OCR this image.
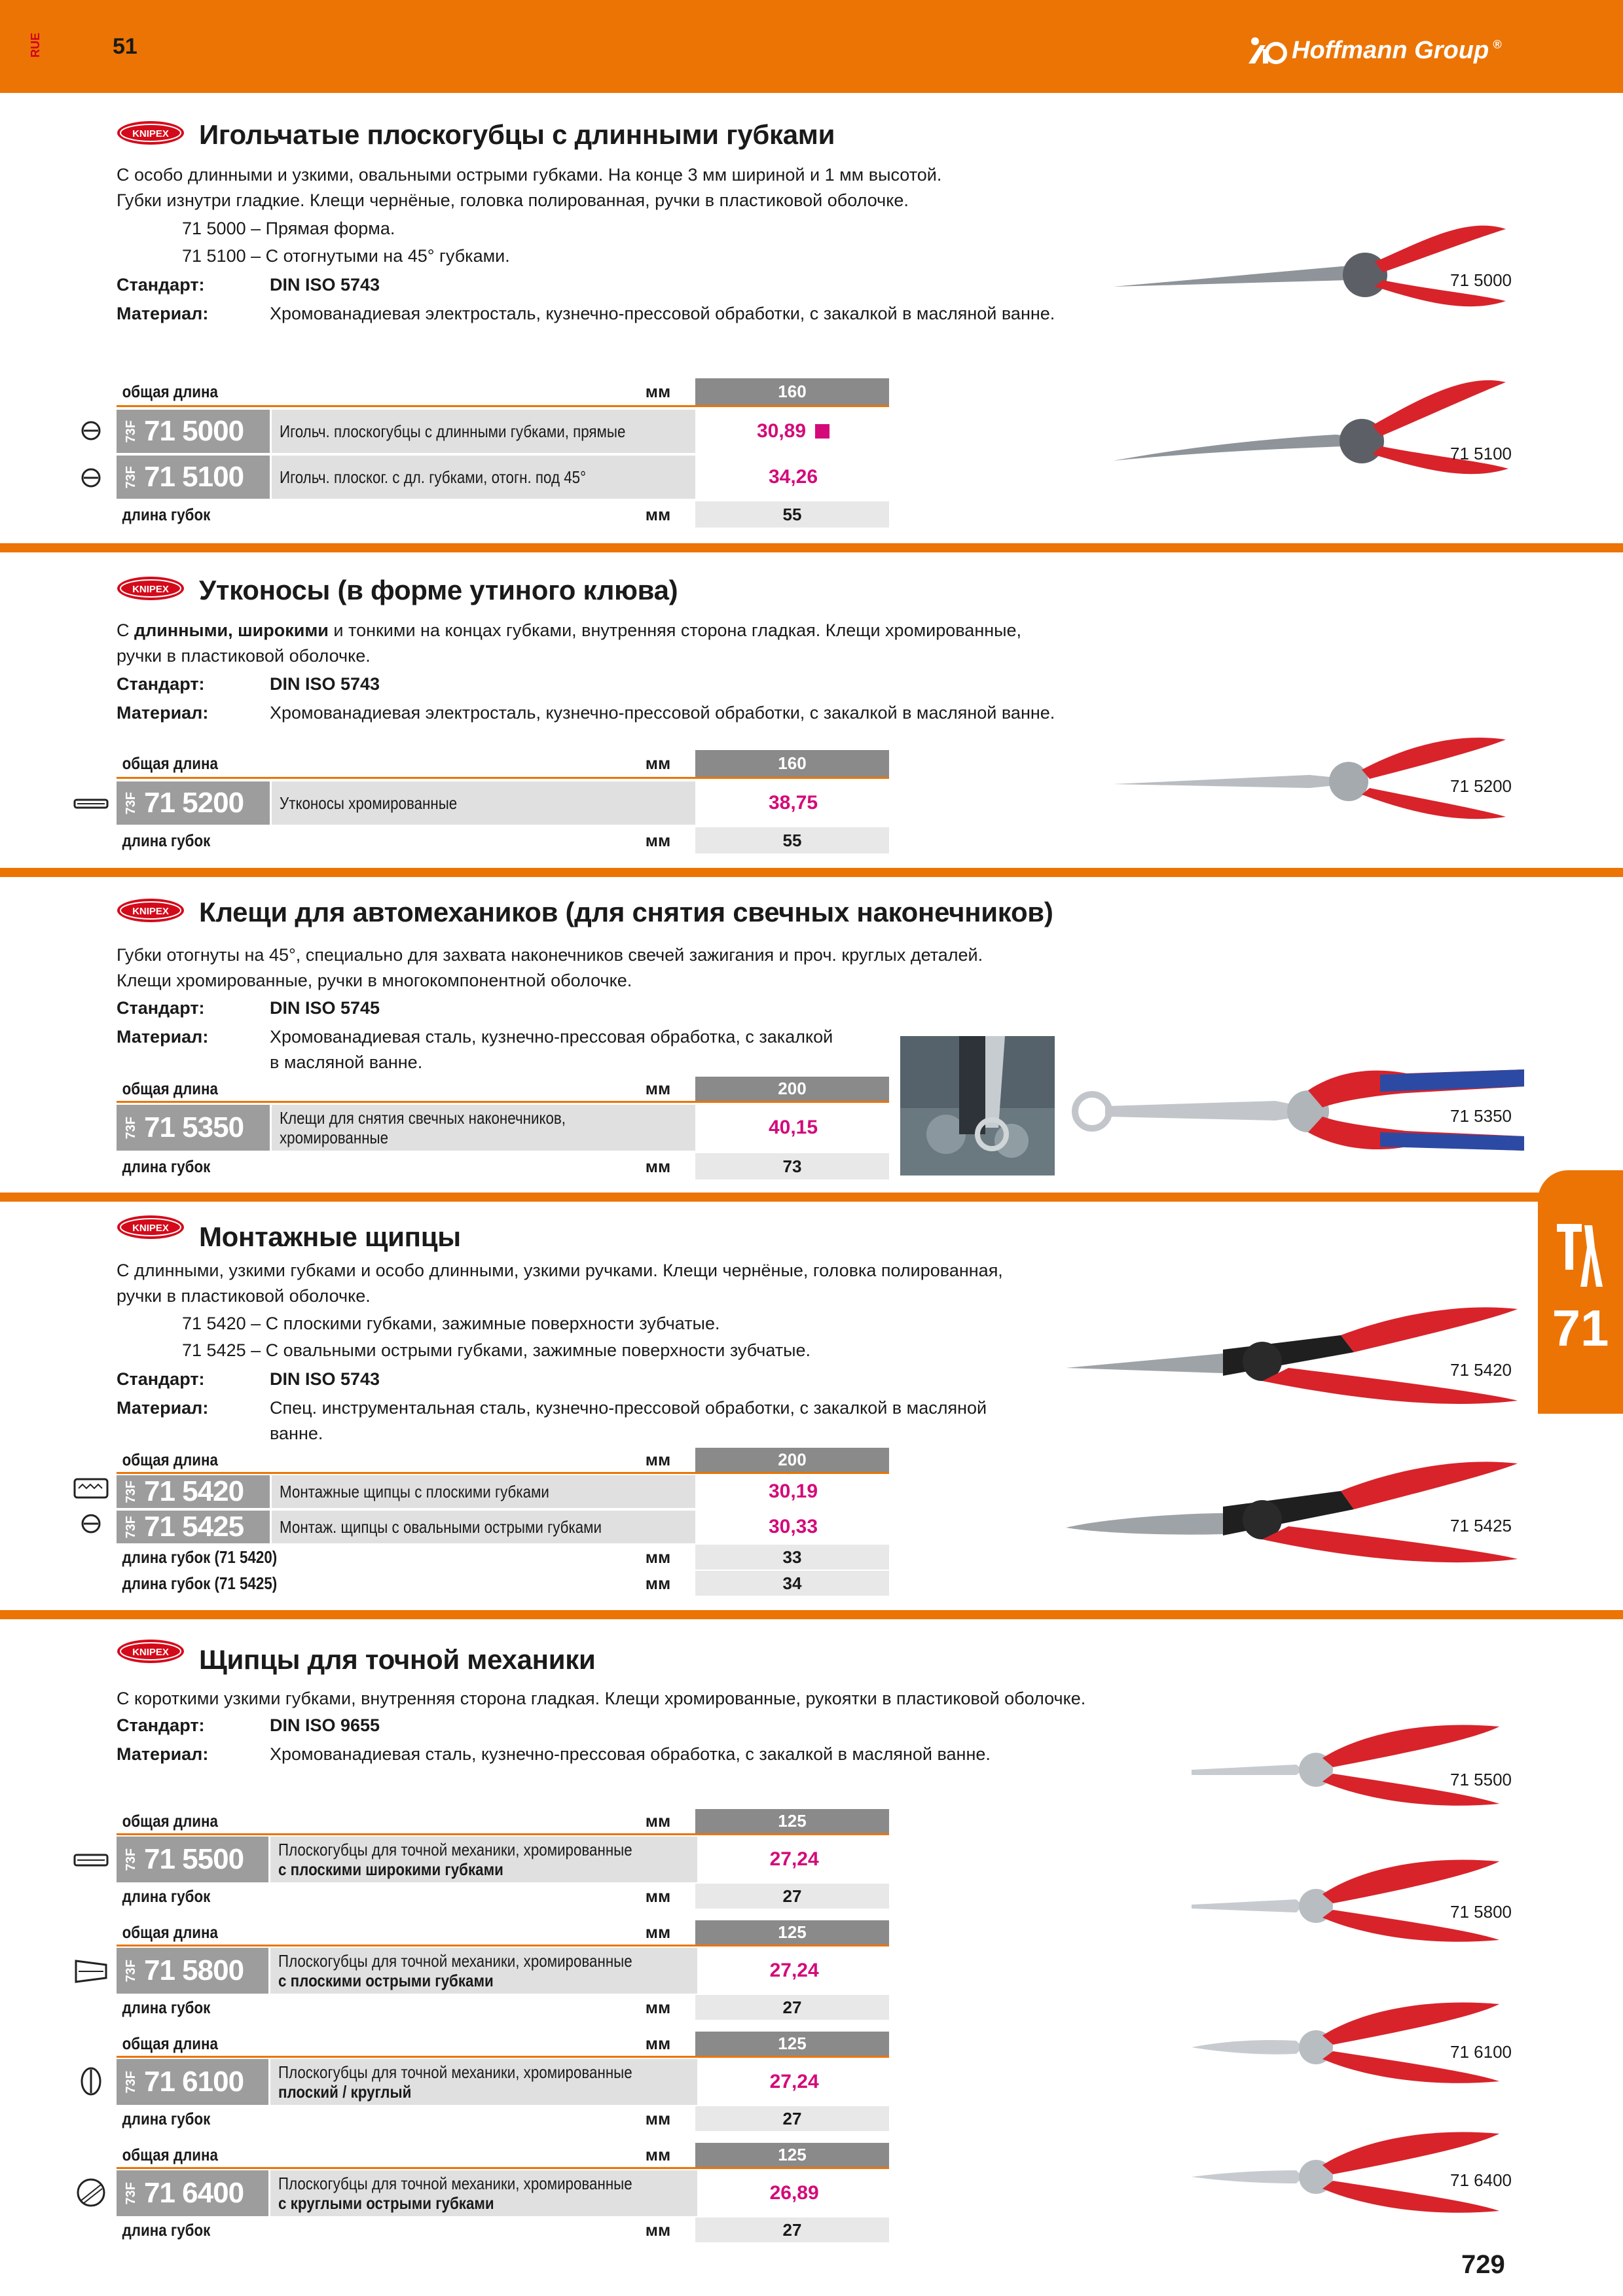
RUE	51	Hoffmann Group ®
71
KNIPEX Игольчатые плоскогубцы с длинными губками
С особо длинными и узкими, овальными острыми губками. На конце 3 мм шириной и 1 мм высотой.
Губки изнутри гладкие. Клещи чернёные, головка полированная, ручки в пластиковой оболочке.
71 5000 – Прямая форма.
71 5100 – С отогнутыми на 45° губками.
Стандарт:	DIN ISO 5743
Материал:	Хромованадиевая электросталь, кузнечно-прессовой обработки, с закалкой в масляной ванне.
общая длина	мм	160
73F 71 5000 Игольч. плоскогубцы с длинными губками, прямые	30,89
73F 71 5100 Игольч. плоског. с дл. губками, отогн. под 45°	34,26
длина губок	мм	55
71 5000
71 5100
KNIPEX Утконосы (в форме утиного клюва)
С длинными, широкими и тонкими на концах губками, внутренняя сторона гладкая. Клещи хромированные,
ручки в пластиковой оболочке.
Стандарт:	DIN ISO 5743
Материал:	Хромованадиевая электросталь, кузнечно-прессовой обработки, с закалкой в масляной ванне.
общая длина	мм	160
73F 71 5200 Утконосы хромированные	38,75
длина губок	мм	55
71 5200
KNIPEX Клещи для автомехаников (для снятия свечных наконечников)
Губки отогнуты на 45°, специально для захвата наконечников свечей зажигания и проч. круглых деталей.
Клещи хромированные, ручки в многокомпонентной оболочке.
Стандарт:	DIN ISO 5745
Материал:	Хромованадиевая сталь, кузнечно-прессовая обработка, с закалкой
в масляной ванне.
общая длина	мм	200
73F 71 5350 Клещи для снятия свечных наконечников,
хромированные	40,15
длина губок	мм	73
71 5350
KNIPEX Монтажные щипцы
С длинными, узкими губками и особо длинными, узкими ручками. Клещи чернёные, головка полированная,
ручки в пластиковой оболочке.
71 5420 – С плоскими губками, зажимные поверхности зубчатые.
71 5425 – С овальными острыми губками, зажимные поверхности зубчатые.
Стандарт:	DIN ISO 5743
Материал:	Спец. инструментальная сталь, кузнечно-прессовой обработки, с закалкой в масляной
ванне.
общая длина	мм	200
73F 71 5420 Монтажные щипцы с плоскими губками	30,19
73F 71 5425 Монтаж. щипцы с овальными острыми губками	30,33
длина губок (71 5420)	мм	33
длина губок (71 5425)	мм	34
71 5420
71 5425
KNIPEX Щипцы для точной механики
С короткими узкими губками, внутренняя сторона гладкая. Клещи хромированные, рукоятки в пластиковой оболочке.
Стандарт:	DIN ISO 9655
Материал:	Хромованадиевая сталь, кузнечно-прессовая обработка, с закалкой в масляной ванне.
общая длина	мм	125
73F 71 5500 Плоскогубцы для точной механики, хромированные
с плоскими широкими губками	27,24
длина губок	мм	27
общая длина	мм	125
73F 71 5800 Плоскогубцы для точной механики, хромированные
с плоскими острыми губками	27,24
длина губок	мм	27
общая длина	мм	125
73F 71 6100 Плоскогубцы для точной механики, хромированные
плоский / круглый	27,24
длина губок	мм	27
общая длина	мм	125
73F 71 6400 Плоскогубцы для точной механики, хромированные
с круглыми острыми губками	26,89
длина губок	мм	27
71 5500
71 5800
71 6100
71 6400
729
